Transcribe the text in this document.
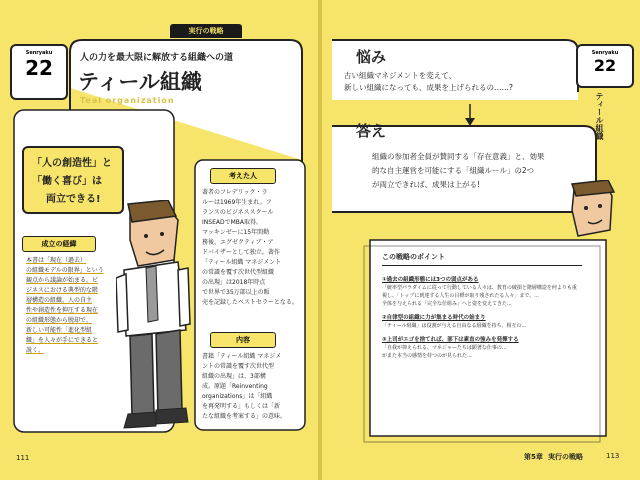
実行の戦略
Senryaku
22	人の力を最大限に解放する組織への道
ティール組織
Teal organization
「人の創造性」と
「働く喜び」は
両立できる!
成立の経緯

本書は「現在（過去）

の組織モデルの限界」という

観点から議論が始まる。ビ

ジネスにおける典型的な階

層構造の組織、人の自主

性や創造性を抑圧する現在

の組織形態から脱却で、

新しい可能性「進化型組

織」を人々が手にできると

説く。

考えた人

著者のフレデリック・ラ

ルーは1969年生まれ。フ

ランスのビジネススクール

INSEADでMBA取得。

マッキンゼーに15年間勤

務後、エグゼクティブ・ア

ドバイザーとして独立。著作

「ティール組織 マネジメント

の常識を覆す次世代型組織

の出現」は2018年時点

で世界で35万部以上の販

売を記録したベストセラーとなる。

内容

書籍「ティール組織 マネジメ

ントの常識を覆す次世代型

組織の出現」は、3部構

成。原題「Reinventing

organizations」は「組織

を再発明する」もしくは「新

たな組織を考案する」の意味。

111
Senryaku
22
ティール組織
悩み
古い組織マネジメントを変えて、
新しい組織になっても、成果を上げられるの……?
答え
組織の参加者全員が賛同する「存在意義」と、効果
的な自主運営を可能にする「組織ルール」の2つ
が両立できれば、成果は上がる!
この戦略のポイント
①過去の組織形態には3つの弱点がある
「統率型パラダイムに従って行動している人々は、教育の破損と階層構造を何よりも重
視し、「トップに到達する人生の目標が取り残されたる人々」まで、...
全体を与えられる「完全な仕組み」へと姿を変えてきた...
②自律型の組織に力が集まる時代の始まり
「ティール組織」は役割が与える自由なる組織を持ち、相互の...
③上司がエゴを捨てれば、部下は素直の強みを発揮する
「自我が抑えられる、マネジャーたちは顕著な仕事の...
がまた本当の感情を持つのが見られた...
第5章 実行の戦略	113
